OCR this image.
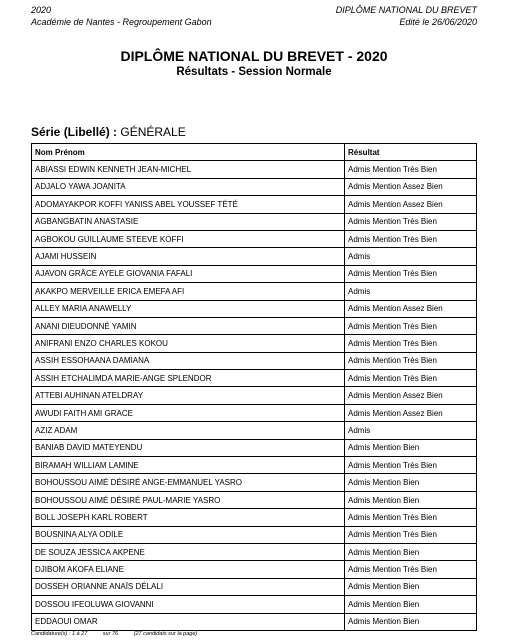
2020
Académie de Nantes - Regroupement Gabon
DIPLÔME NATIONAL DU BREVET
Edité le 26/06/2020
DIPLÔME NATIONAL DU BREVET - 2020
Résultats - Session Normale
Série (Libellé) : GÉNÉRALE
Nom Prénom	Résultat
ABIASSI EDWIN KENNETH JEAN-MICHEL	Admis Mention Très Bien
ADJALO YAWA JOANITA	Admis Mention Assez Bien
ADOMAYAKPOR KOFFI YANISS ABEL YOUSSEF TÉTÉ	Admis Mention Assez Bien
AGBANGBATIN ANASTASIE	Admis Mention Très Bien
AGBOKOU GUILLAUME STEEVE KOFFI	Admis Mention Très Bien
AJAMI HUSSEIN	Admis
AJAVON GRÂCE AYELE GIOVANIA FAFALI	Admis Mention Très Bien
AKAKPO MERVEILLE ERICA EMEFA AFI	Admis
ALLEY MARIA ANAWELLY	Admis Mention Assez Bien
ANANI DIEUDONNÉ YAMIN	Admis Mention Très Bien
ANIFRANI ENZO CHARLES KOKOU	Admis Mention Très Bien
ASSIH ESSOHAANA DAMIANA	Admis Mention Très Bien
ASSIH ETCHALIMDA MARIE-ANGE SPLENDOR	Admis Mention Très Bien
ATTEBI AUHINAN ATELDRAY	Admis Mention Assez Bien
AWUDI FAITH AMI GRACE	Admis Mention Assez Bien
AZIZ ADAM	Admis
BANIAB DAVID MATEYENDU	Admis Mention Bien
BIRAMAH WILLIAM LAMINE	Admis Mention Très Bien
BOHOUSSOU AIMÉ DÉSIRÉ ANGE-EMMANUEL YASRO	Admis Mention Bien
BOHOUSSOU AIMÉ DÉSIRÉ PAUL-MARIE YASRO	Admis Mention Bien
BOLL JOSEPH KARL ROBERT	Admis Mention Très Bien
BOUSNINA ALYA ODILE	Admis Mention Très Bien
DE SOUZA JESSICA AKPENE	Admis Mention Bien
DJIBOM AKOFA ELIANE	Admis Mention Très Bien
DOSSEH ORIANNE ANAÏS DÉLALI	Admis Mention Bien
DOSSOU IFEOLUWA GIOVANNI	Admis Mention Bien
EDDAOUI OMAR	Admis Mention Bien
Candidature(s) : 1 à 27	sur 76	(27 candidats sur la page)
